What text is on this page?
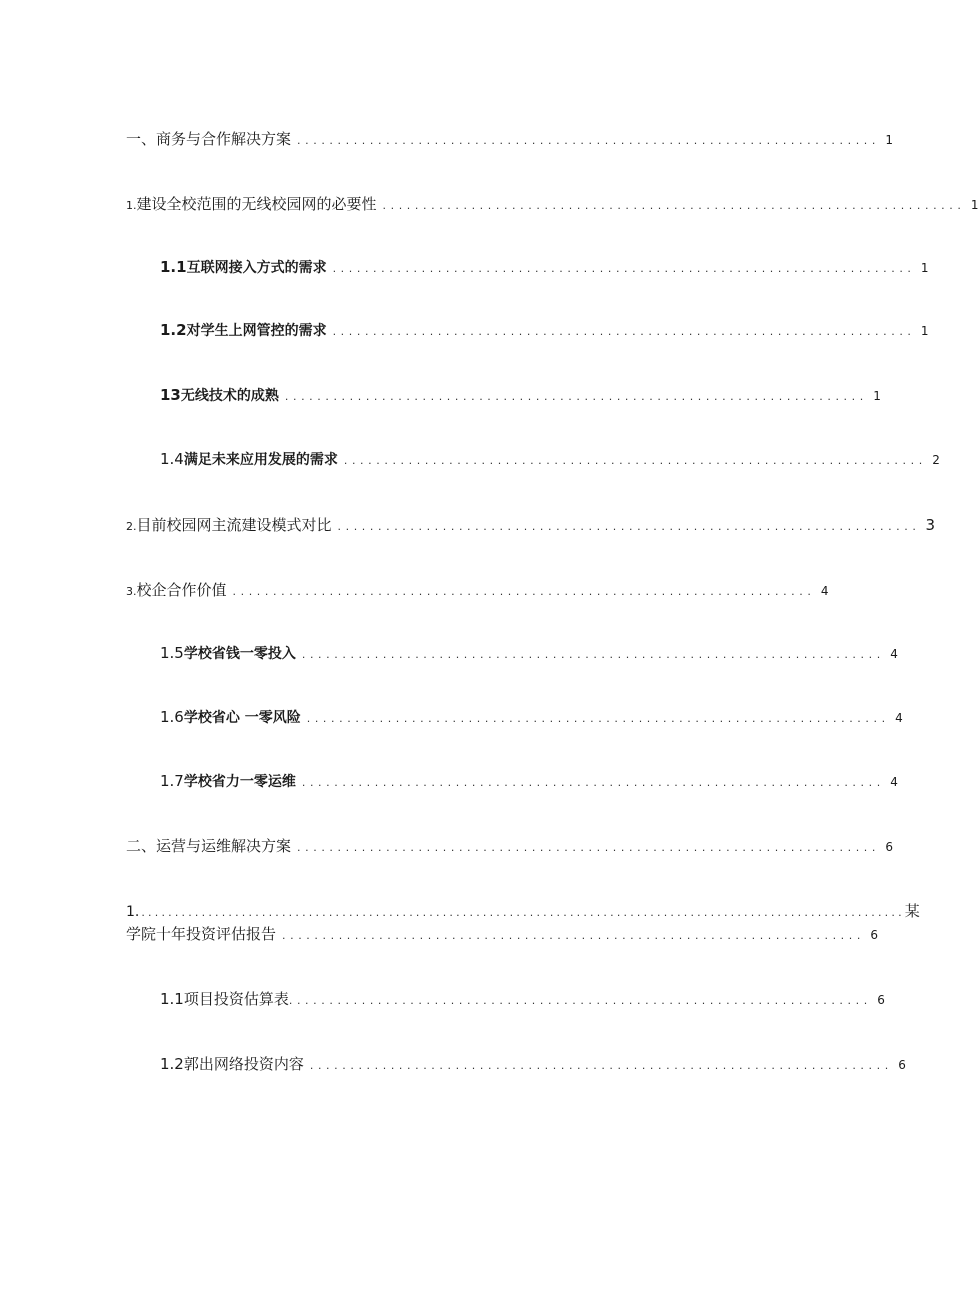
一、 商务与合作解决方案 ........................................................................ 1
1. 建设全校范围的无线校园网的必要性 ........................................................................ 1
1.1 互联网接入方式的需求 ........................................................................ 1
1.2 对学生上网管控的需求 ........................................................................ 1
13 无线技术的成熟 ........................................................................ 1
1.4 满足未来应用发展的需求 ........................................................................ 2
2. 目前校园网主流建设模式对比 ........................................................................ 3
3. 校企合作价值 ........................................................................ 4
1.5 学校省钱一零投入 ........................................................................ 4
1.6 学校省心 一零风险 ........................................................................ 4
1.7 学校省力一零运维 ........................................................................ 4
二、 运营与运维解决方案 ........................................................................ 6
1. .................................................................................................................. 某
学院十年投资评估报告 ........................................................................ 6
1.1项目投资估算表 ........................................................................ 6
1.2郭出网络投资内容 ........................................................................ 6
